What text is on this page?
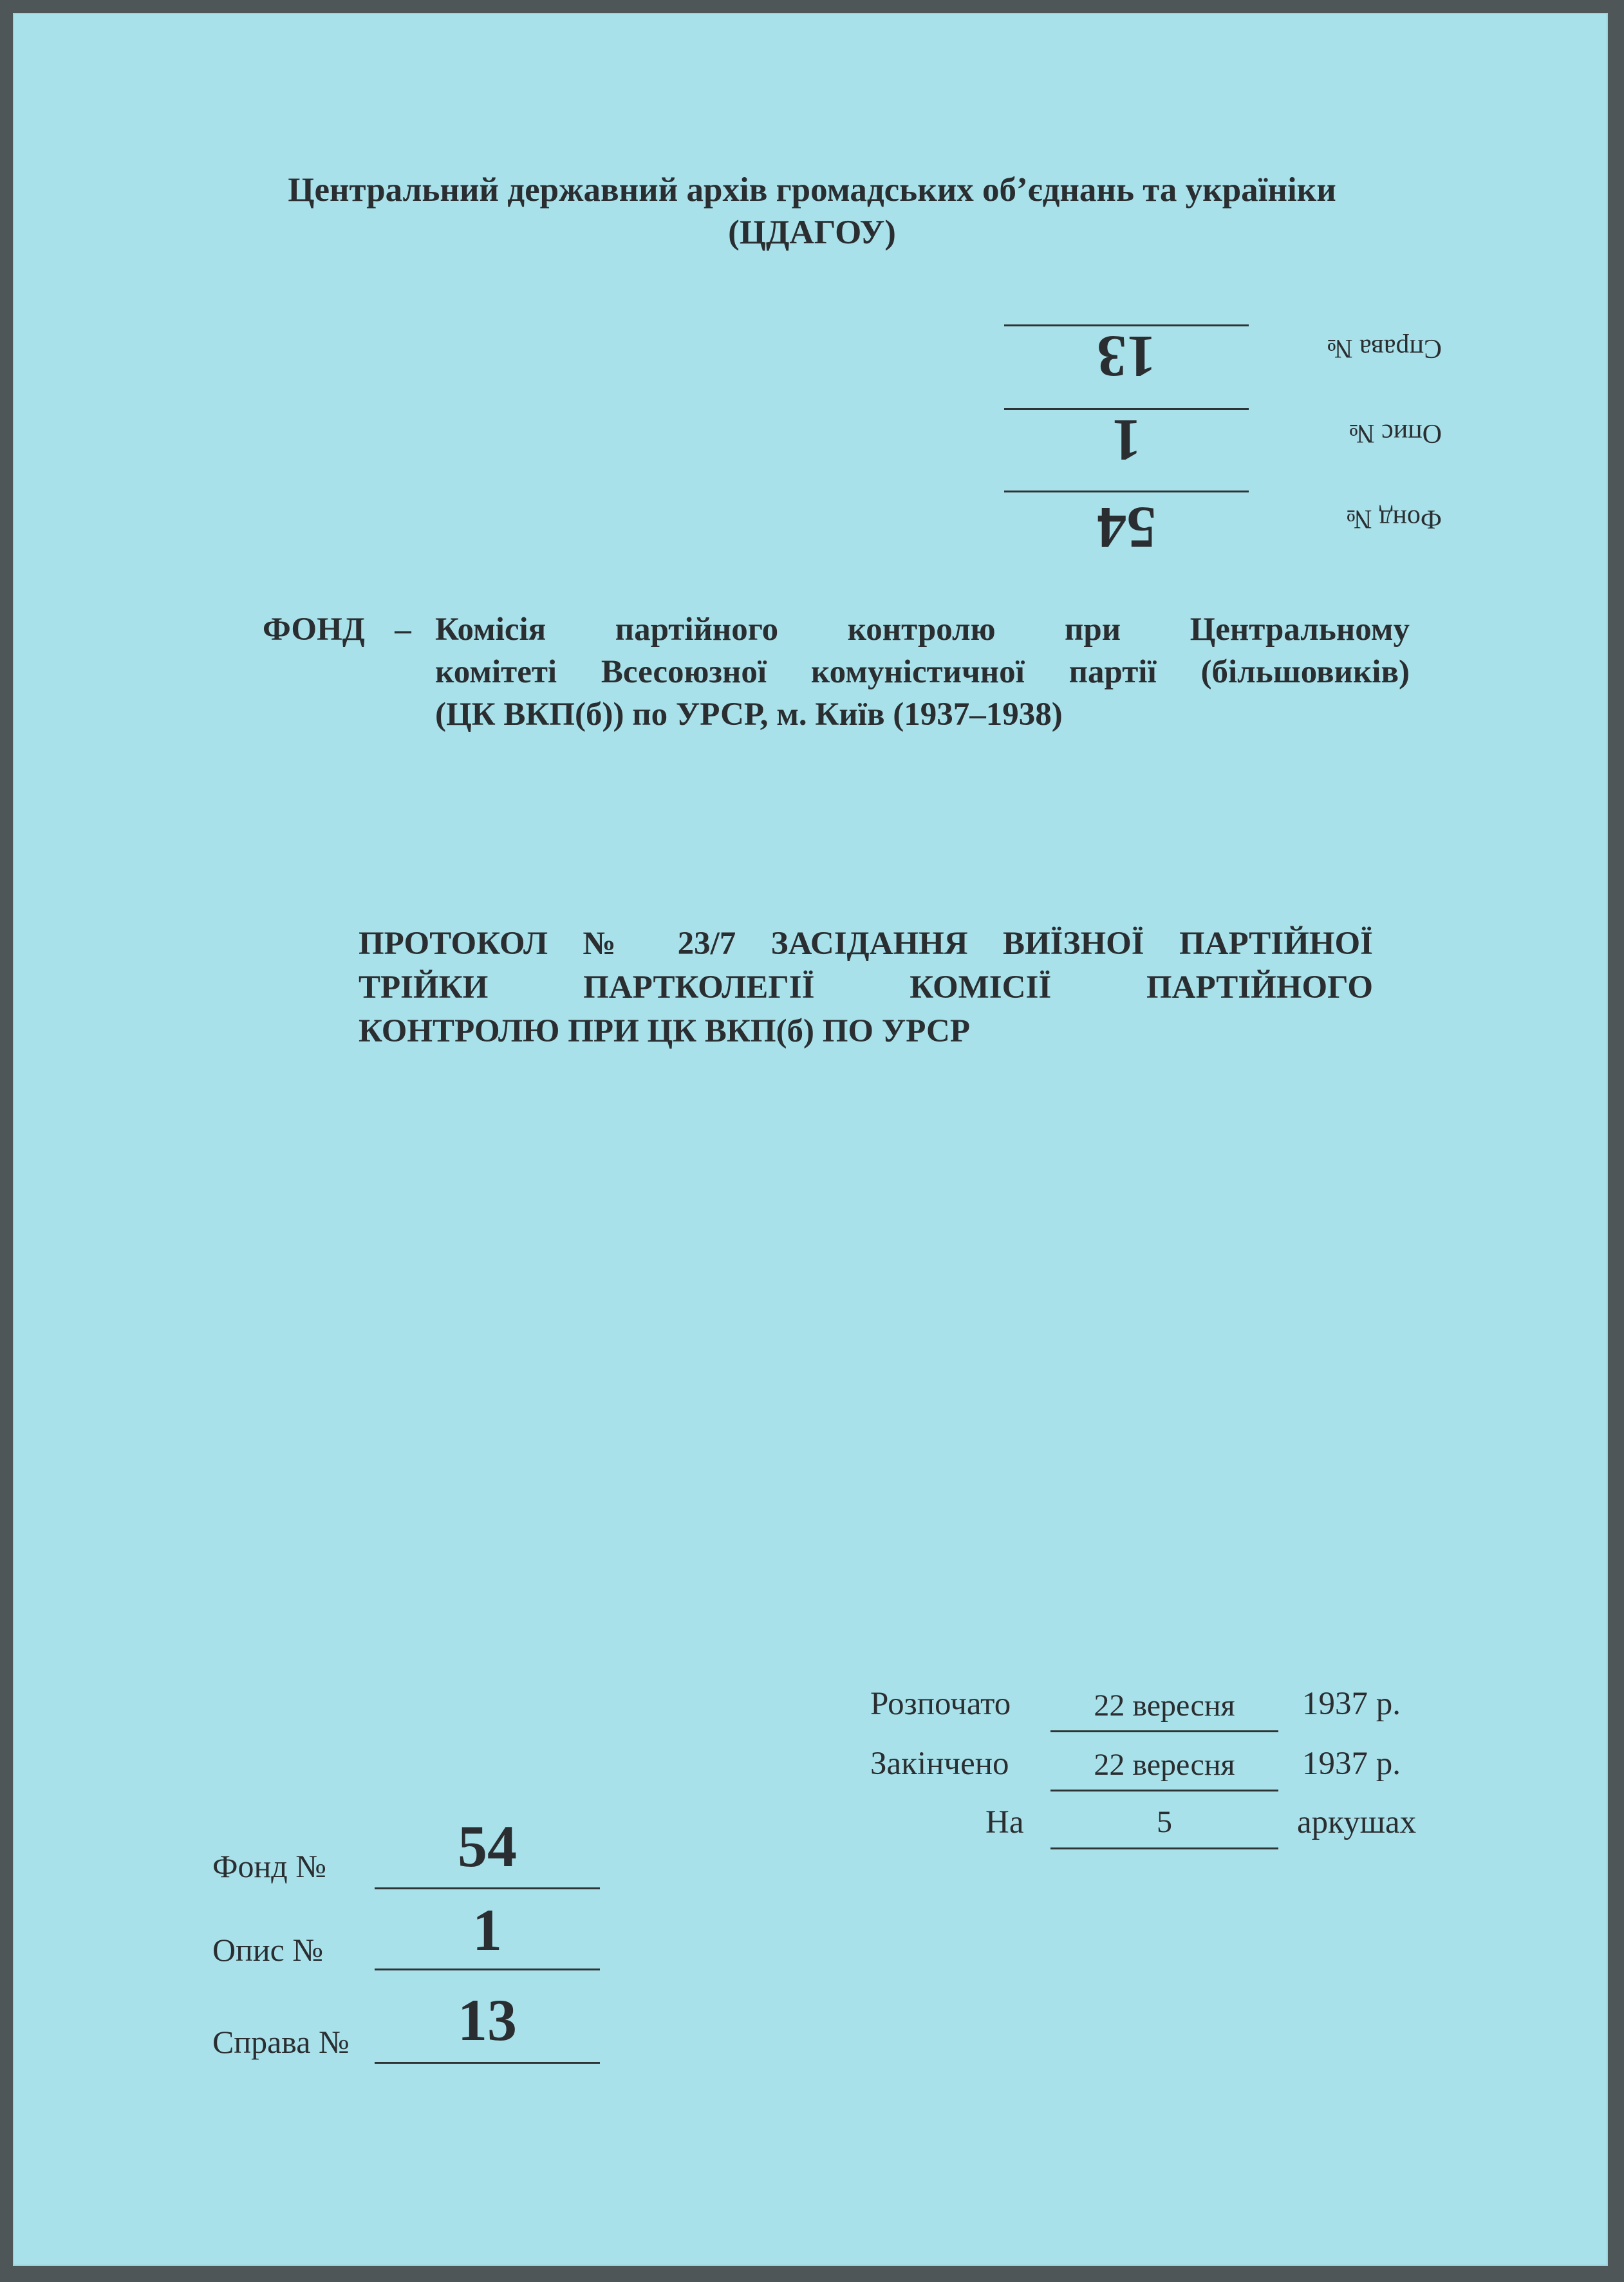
Центральний державний архів громадських об’єднань та україніки
(ЦДАГОУ)
Фонд №
54
Опис №
1
Справа №
13
ФОНД – Комісія партійного контролю при Центральному
комітеті Всесоюзної комуністичної партії (більшовиків)
(ЦК ВКП(б)) по УРСР, м. Київ (1937–1938)
ПРОТОКОЛ № 23/7 ЗАСІДАННЯ ВИЇЗНОЇ ПАРТІЙНОЇ
ТРІЙКИ ПАРТКОЛЕГІЇ КОМІСІЇ ПАРТІЙНОГО
КОНТРОЛЮ ПРИ ЦК ВКП(б) ПО УРСР
Розпочато	22 вересня	1937 р.
Закінчено	22 вересня	1937 р.
На	5	аркушах
Фонд №	54
Опис №	1
Справа №	13
